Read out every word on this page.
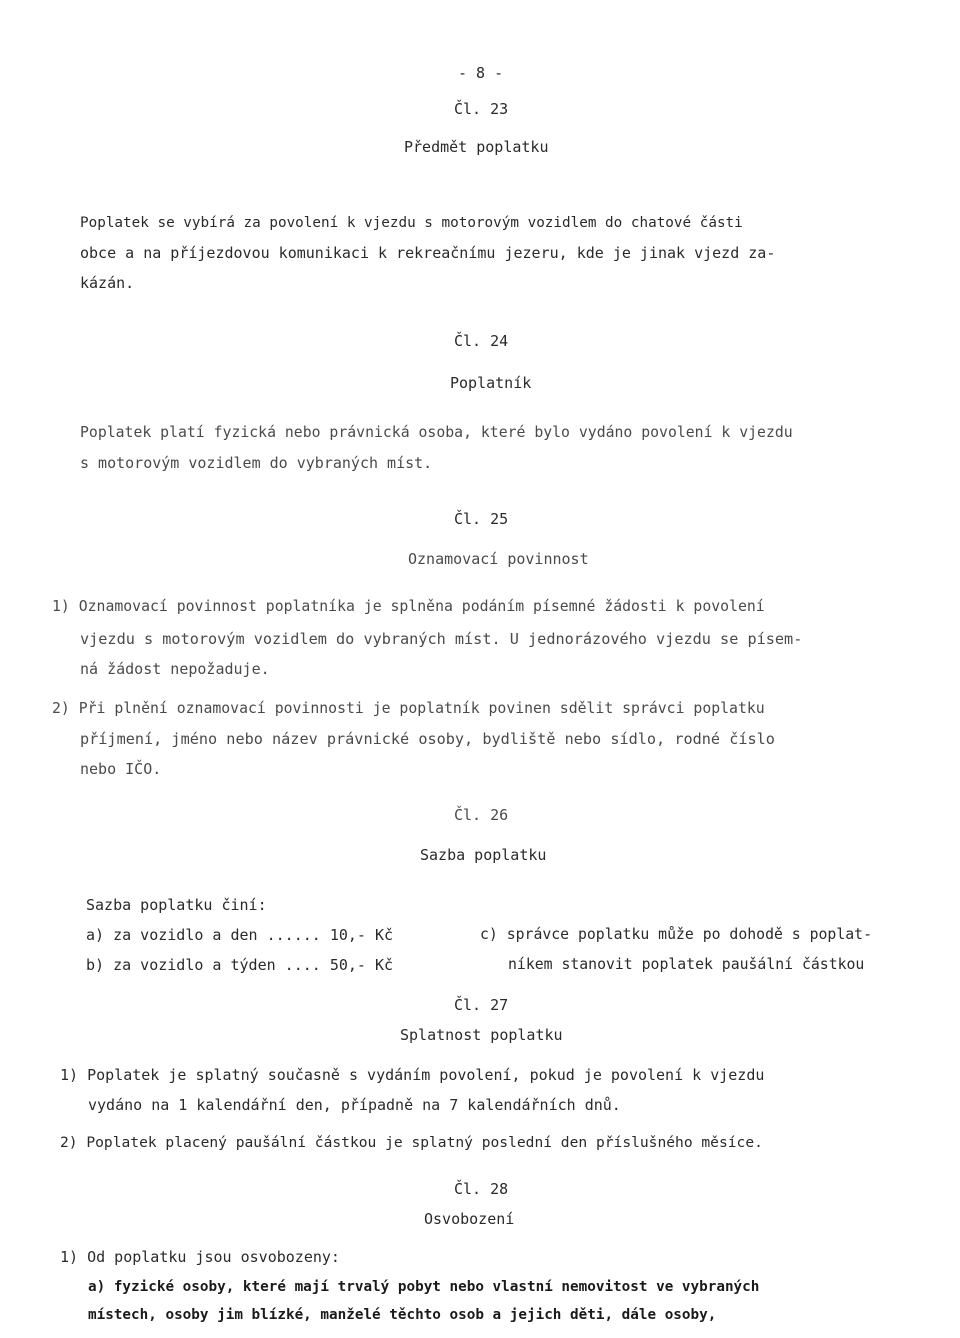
- 8 -
Čl. 23
Předmět poplatku
Poplatek se vybírá za povolení k vjezdu s motorovým vozidlem do chatové části
obce a na příjezdovou komunikaci k rekreačnímu jezeru, kde je jinak vjezd za-
kázán.
Čl. 24
Poplatník
Poplatek platí fyzická nebo právnická osoba, které bylo vydáno povolení k vjezdu
s motorovým vozidlem do vybraných míst.
Čl. 25
Oznamovací povinnost
1) Oznamovací povinnost poplatníka je splněna podáním písemné žádosti k povolení
vjezdu s motorovým vozidlem do vybraných míst. U jednorázového vjezdu se písem-
ná žádost nepožaduje.
2) Při plnění oznamovací povinnosti je poplatník povinen sdělit správci poplatku
příjmení, jméno nebo název právnické osoby, bydliště nebo sídlo, rodné číslo
nebo IČO.
Čl. 26
Sazba poplatku
Sazba poplatku činí:
a) za vozidlo a den ...... 10,- Kč
b) za vozidlo a týden .... 50,- Kč
c) správce poplatku může po dohodě s poplat-
níkem stanovit poplatek paušální částkou
Čl. 27
Splatnost poplatku
1) Poplatek je splatný současně s vydáním povolení, pokud je povolení k vjezdu
vydáno na 1 kalendářní den, případně na 7 kalendářních dnů.
2) Poplatek placený paušální částkou je splatný poslední den příslušného měsíce.
Čl. 28
Osvobození
1) Od poplatku jsou osvobozeny:
a) fyzické osoby, které mají trvalý pobyt nebo vlastní nemovitost ve vybraných
místech, osoby jim blízké, manželé těchto osob a jejich děti, dále osoby,
